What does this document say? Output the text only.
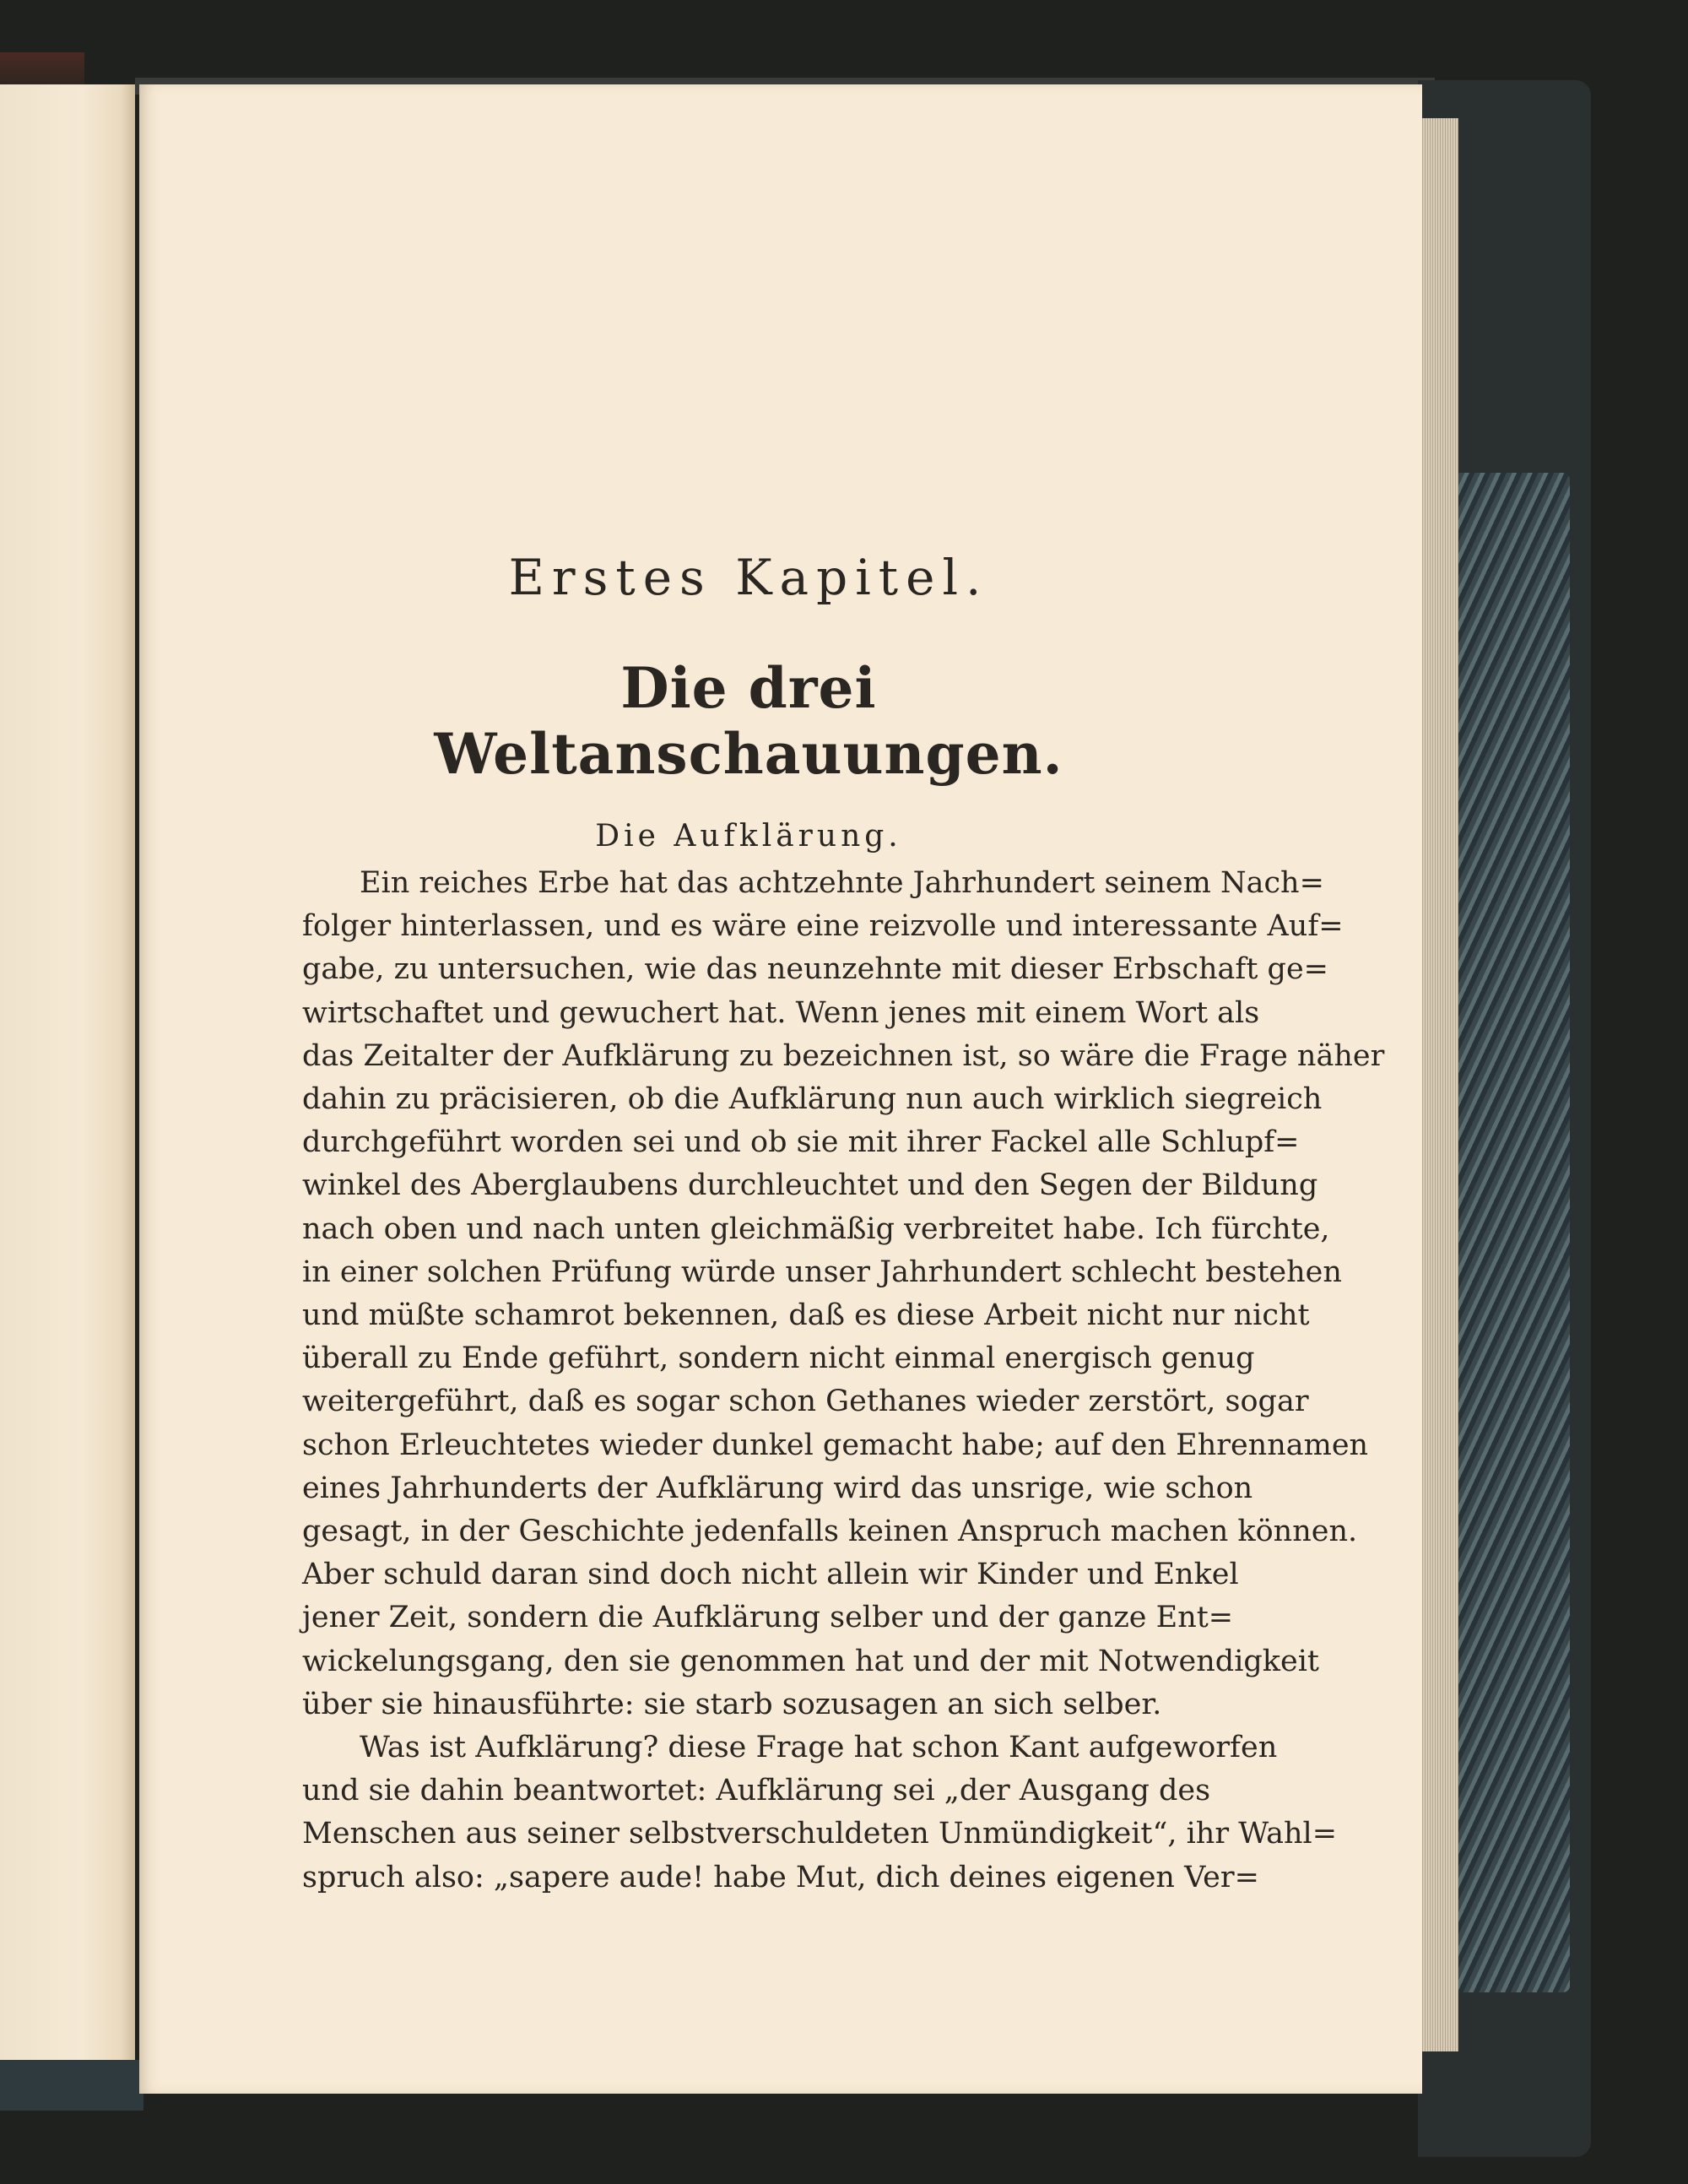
Erstes Kapitel.
Die drei Weltanschauungen.
Die Aufklärung.
Ein reiches Erbe hat das achtzehnte Jahrhundert seinem Nach=
folger hinterlassen, und es wäre eine reizvolle und interessante Auf=
gabe, zu untersuchen, wie das neunzehnte mit dieser Erbschaft ge=
wirtschaftet und gewuchert hat. Wenn jenes mit einem Wort als
das Zeitalter der Aufklärung zu bezeichnen ist, so wäre die Frage näher
dahin zu präcisieren, ob die Aufklärung nun auch wirklich siegreich
durchgeführt worden sei und ob sie mit ihrer Fackel alle Schlupf=
winkel des Aberglaubens durchleuchtet und den Segen der Bildung
nach oben und nach unten gleichmäßig verbreitet habe. Ich fürchte,
in einer solchen Prüfung würde unser Jahrhundert schlecht bestehen
und müßte schamrot bekennen, daß es diese Arbeit nicht nur nicht
überall zu Ende geführt, sondern nicht einmal energisch genug
weitergeführt, daß es sogar schon Gethanes wieder zerstört, sogar
schon Erleuchtetes wieder dunkel gemacht habe; auf den Ehrennamen
eines Jahrhunderts der Aufklärung wird das unsrige, wie schon
gesagt, in der Geschichte jedenfalls keinen Anspruch machen können.
Aber schuld daran sind doch nicht allein wir Kinder und Enkel
jener Zeit, sondern die Aufklärung selber und der ganze Ent=
wickelungsgang, den sie genommen hat und der mit Notwendigkeit
über sie hinausführte: sie starb sozusagen an sich selber.
Was ist Aufklärung? diese Frage hat schon Kant aufgeworfen
und sie dahin beantwortet: Aufklärung sei „der Ausgang des
Menschen aus seiner selbstverschuldeten Unmündigkeit“, ihr Wahl=
spruch also: „sapere aude! habe Mut, dich deines eigenen Ver=
